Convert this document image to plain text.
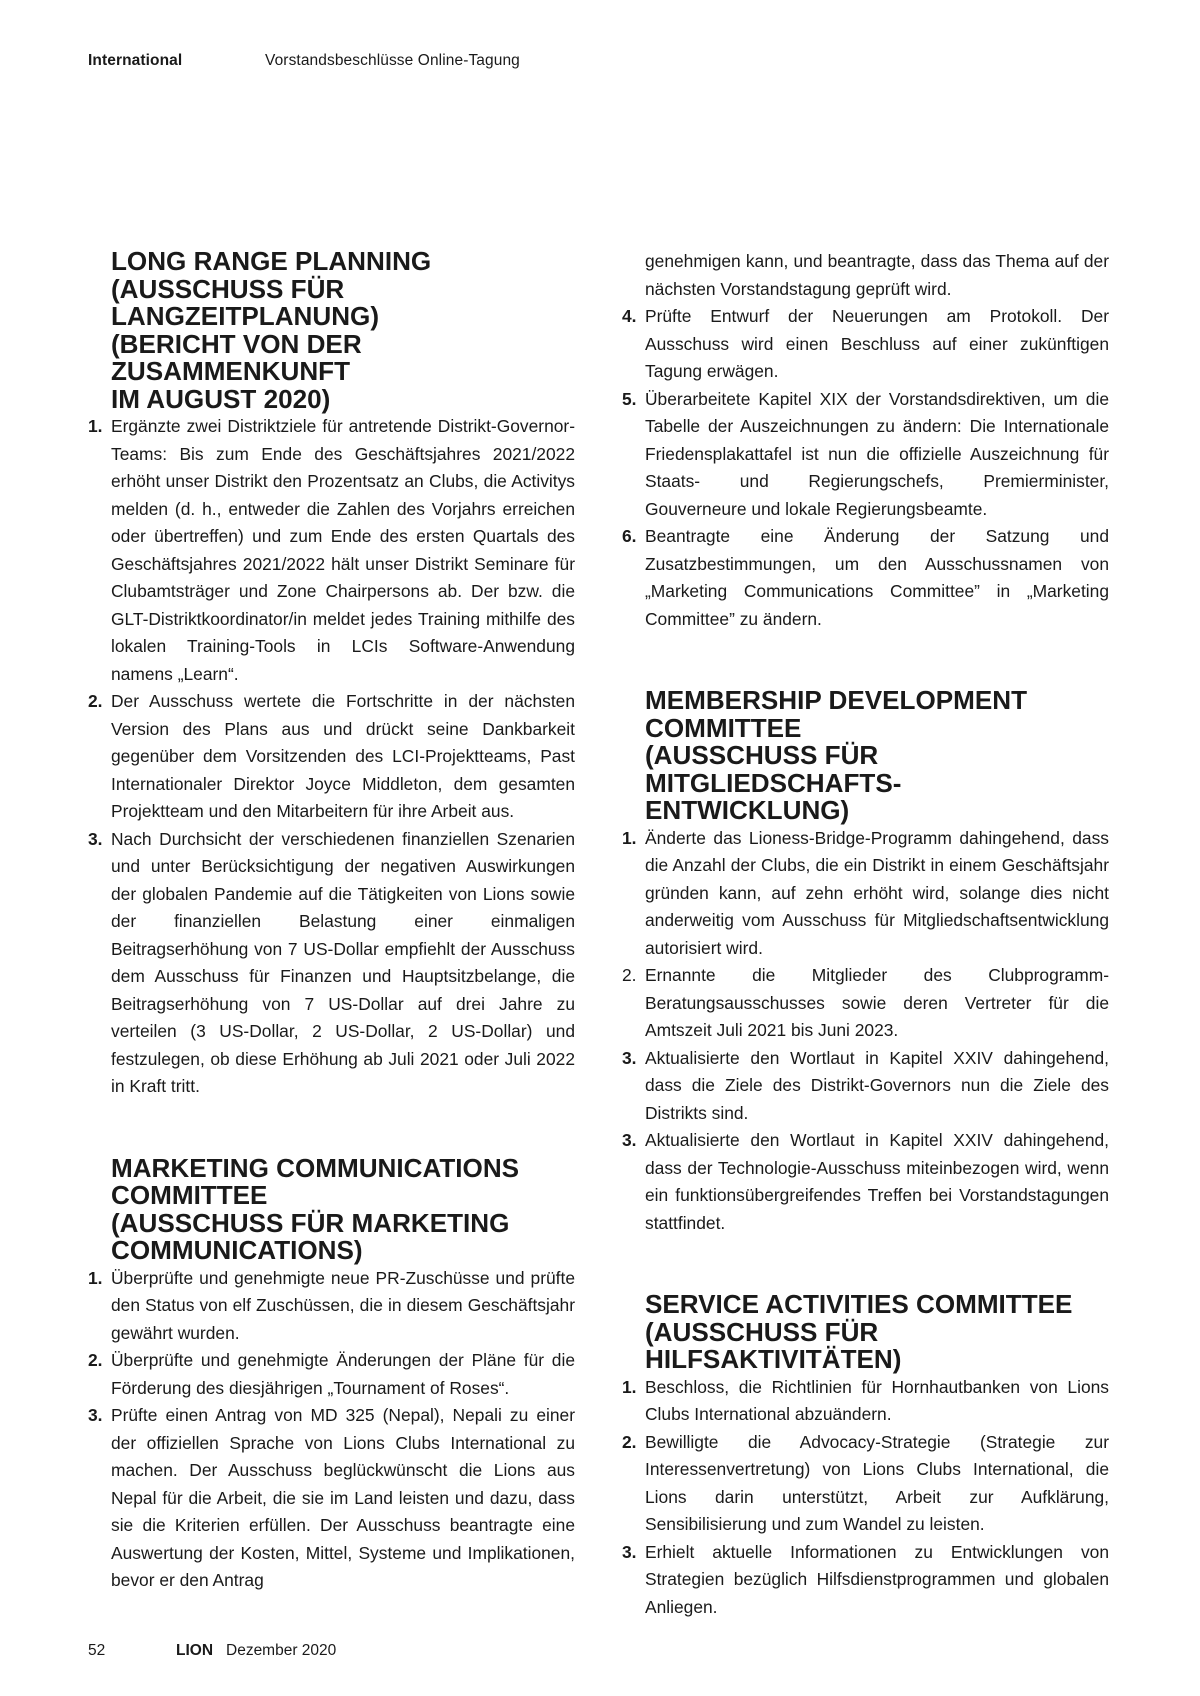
International	Vorstandsbeschlüsse Online-Tagung
LONG RANGE PLANNING
(AUSSCHUSS FÜR LANGZEITPLANUNG)
(BERICHT VON DER ZUSAMMENKUNFT
IM AUGUST 2020)
1. Ergänzte zwei Distriktziele für antretende Distrikt-Governor-Teams: Bis zum Ende des Geschäftsjahres 2021/2022 erhöht unser Distrikt den Prozentsatz an Clubs, die Activitys melden (d. h., entweder die Zahlen des Vorjahrs erreichen oder übertreffen) und zum Ende des ersten Quartals des Geschäftsjahres 2021/2022 hält unser Distrikt Seminare für Clubamtsträger und Zone Chairpersons ab. Der bzw. die GLT-Distriktkoordinator/in meldet jedes Training mithilfe des lokalen Training-Tools in LCIs Software-Anwendung namens „Learn“.
2. Der Ausschuss wertete die Fortschritte in der nächsten Version des Plans aus und drückt seine Dankbarkeit gegenüber dem Vorsitzenden des LCI-Projektteams, Past Internationaler Direktor Joyce Middleton, dem gesamten Projektteam und den Mitarbeitern für ihre Arbeit aus.
3. Nach Durchsicht der verschiedenen finanziellen Szenarien und unter Berücksichtigung der negativen Auswirkungen der globalen Pandemie auf die Tätigkeiten von Lions sowie der finanziellen Belastung einer einmaligen Beitragserhöhung von 7 US-Dollar empfiehlt der Ausschuss dem Ausschuss für Finanzen und Hauptsitzbelange, die Beitragserhöhung von 7 US-Dollar auf drei Jahre zu verteilen (3 US-Dollar, 2 US-Dollar, 2 US-Dollar) und festzulegen, ob diese Erhöhung ab Juli 2021 oder Juli 2022 in Kraft tritt.
MARKETING COMMUNICATIONS COMMITTEE
(AUSSCHUSS FÜR MARKETING
COMMUNICATIONS)
1. Überprüfte und genehmigte neue PR-Zuschüsse und prüfte den Status von elf Zuschüssen, die in diesem Geschäftsjahr gewährt wurden.
2. Überprüfte und genehmigte Änderungen der Pläne für die Förderung des diesjährigen „Tournament of Roses“.
3. Prüfte einen Antrag von MD 325 (Nepal), Nepali zu einer der offiziellen Sprache von Lions Clubs International zu machen. Der Ausschuss beglückwünscht die Lions aus Nepal für die Arbeit, die sie im Land leisten und dazu, dass sie die Kriterien erfüllen. Der Ausschuss beantragte eine Auswertung der Kosten, Mittel, Systeme und Implikationen, bevor er den Antrag
genehmigen kann, und beantragte, dass das Thema auf der nächsten Vorstandstagung geprüft wird.
4. Prüfte Entwurf der Neuerungen am Protokoll. Der Ausschuss wird einen Beschluss auf einer zukünftigen Tagung erwägen.
5. Überarbeitete Kapitel XIX der Vorstandsdirektiven, um die Tabelle der Auszeichnungen zu ändern: Die Internationale Friedensplakattafel ist nun die offizielle Auszeichnung für Staats- und Regierungschefs, Premierminister, Gouverneure und lokale Regierungsbeamte.
6. Beantragte eine Änderung der Satzung und Zusatzbestimmungen, um den Ausschussnamen von „Marketing Communications Committee” in „Marketing Committee” zu ändern.
MEMBERSHIP DEVELOPMENT COMMITTEE
(AUSSCHUSS FÜR MITGLIEDSCHAFTS-
ENTWICKLUNG)
1. Änderte das Lioness-Bridge-Programm dahingehend, dass die Anzahl der Clubs, die ein Distrikt in einem Geschäftsjahr gründen kann, auf zehn erhöht wird, solange dies nicht anderweitig vom Ausschuss für Mitgliedschaftsentwicklung autorisiert wird.
2. Ernannte die Mitglieder des Clubprogramm-Beratungsausschusses sowie deren Vertreter für die Amtszeit Juli 2021 bis Juni 2023.
3. Aktualisierte den Wortlaut in Kapitel XXIV dahingehend, dass die Ziele des Distrikt-Governors nun die Ziele des Distrikts sind.
3. Aktualisierte den Wortlaut in Kapitel XXIV dahingehend, dass der Technologie-Ausschuss miteinbezogen wird, wenn ein funktionsübergreifendes Treffen bei Vorstandstagungen stattfindet.
SERVICE ACTIVITIES COMMITTEE
(AUSSCHUSS FÜR HILFSAKTIVITÄTEN)
1. Beschloss, die Richtlinien für Hornhautbanken von Lions Clubs International abzuändern.
2. Bewilligte die Advocacy-Strategie (Strategie zur Interessenvertretung) von Lions Clubs International, die Lions darin unterstützt, Arbeit zur Aufklärung, Sensibilisierung und zum Wandel zu leisten.
3. Erhielt aktuelle Informationen zu Entwicklungen von Strategien bezüglich Hilfsdienstprogrammen und globalen Anliegen.
52	LION Dezember 2020
